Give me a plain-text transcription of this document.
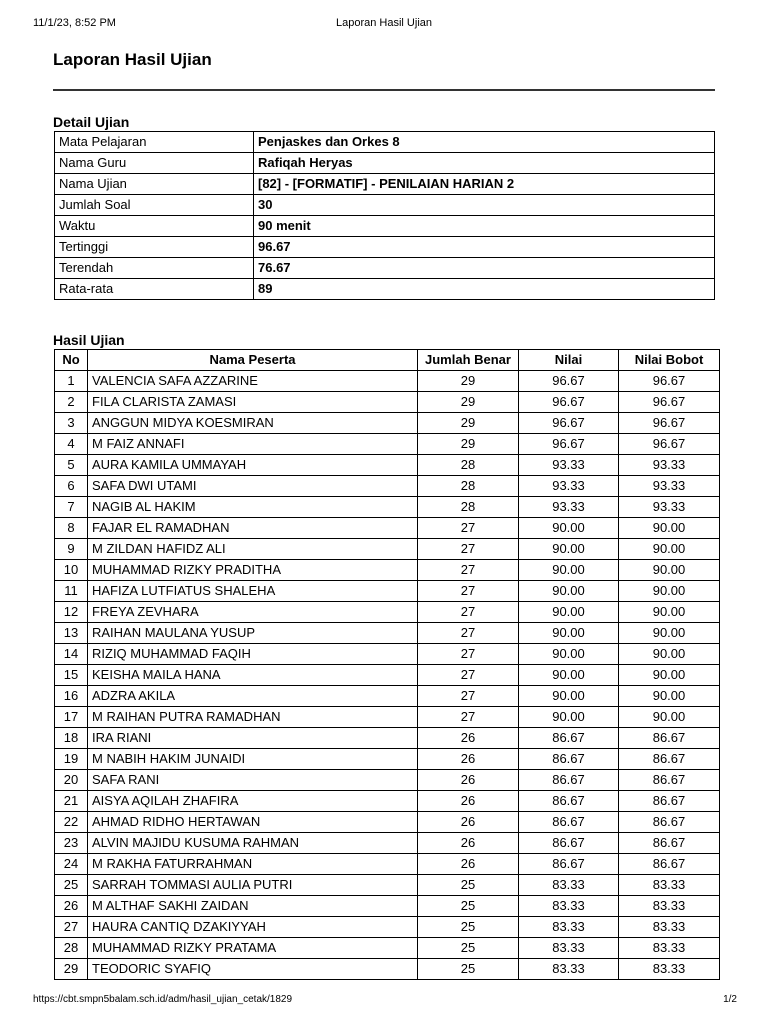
11/1/23, 8:52 PM	Laporan Hasil Ujian
Laporan Hasil Ujian
Detail Ujian
Mata Pelajaran	Penjaskes dan Orkes 8
Nama Guru	Rafiqah Heryas
Nama Ujian	[82] - [FORMATIF] - PENILAIAN HARIAN 2
Jumlah Soal	30
Waktu	90 menit
Tertinggi	96.67
Terendah	76.67
Rata-rata	89
Hasil Ujian
No	Nama Peserta	Jumlah Benar	Nilai	Nilai Bobot
1	VALENCIA SAFA AZZARINE	29	96.67	96.67
2	FILA CLARISTA ZAMASI	29	96.67	96.67
3	ANGGUN MIDYA KOESMIRAN	29	96.67	96.67
4	M FAIZ ANNAFI	29	96.67	96.67
5	AURA KAMILA UMMAYAH	28	93.33	93.33
6	SAFA DWI UTAMI	28	93.33	93.33
7	NAGIB AL HAKIM	28	93.33	93.33
8	FAJAR EL RAMADHAN	27	90.00	90.00
9	M ZILDAN HAFIDZ ALI	27	90.00	90.00
10	MUHAMMAD RIZKY PRADITHA	27	90.00	90.00
11	HAFIZA LUTFIATUS SHALEHA	27	90.00	90.00
12	FREYA ZEVHARA	27	90.00	90.00
13	RAIHAN MAULANA YUSUP	27	90.00	90.00
14	RIZIQ MUHAMMAD FAQIH	27	90.00	90.00
15	KEISHA MAILA HANA	27	90.00	90.00
16	ADZRA AKILA	27	90.00	90.00
17	M RAIHAN PUTRA RAMADHAN	27	90.00	90.00
18	IRA RIANI	26	86.67	86.67
19	M NABIH HAKIM JUNAIDI	26	86.67	86.67
20	SAFA RANI	26	86.67	86.67
21	AISYA AQILAH ZHAFIRA	26	86.67	86.67
22	AHMAD RIDHO HERTAWAN	26	86.67	86.67
23	ALVIN MAJIDU KUSUMA RAHMAN	26	86.67	86.67
24	M RAKHA FATURRAHMAN	26	86.67	86.67
25	SARRAH TOMMASI AULIA PUTRI	25	83.33	83.33
26	M ALTHAF SAKHI ZAIDAN	25	83.33	83.33
27	HAURA CANTIQ DZAKIYYAH	25	83.33	83.33
28	MUHAMMAD RIZKY PRATAMA	25	83.33	83.33
29	TEODORIC SYAFIQ	25	83.33	83.33
https://cbt.smpn5balam.sch.id/adm/hasil_ujian_cetak/1829	1/2
